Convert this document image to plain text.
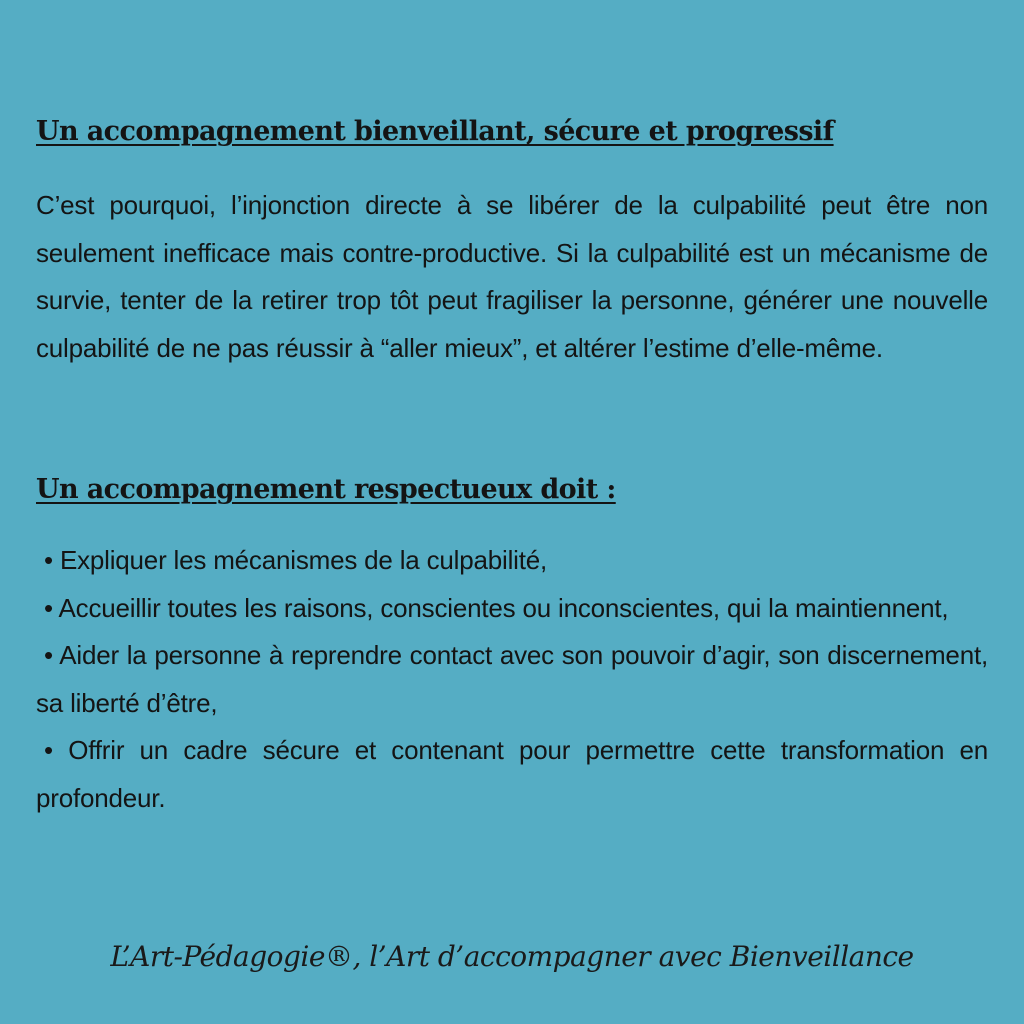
Un accompagnement bienveillant, sécure et progressif

C’est pourquoi, l’injonction directe à se libérer de la culpabilité peut être non seulement inefficace mais contre-productive. Si la culpabilité est un mécanisme de survie, tenter de la retirer trop tôt peut fragiliser la personne, générer une nouvelle culpabilité de ne pas réussir à “aller mieux”, et altérer l’estime d’elle-même.

Un accompagnement respectueux doit :
• Expliquer les mécanismes de la culpabilité,
• Accueillir toutes les raisons, conscientes ou inconscientes, qui la maintiennent,
• Aider la personne à reprendre contact avec son pouvoir d’agir, son discernement, sa liberté d’être,
• Offrir un cadre sécure et contenant pour permettre cette transformation en profondeur.
L’Art-Pédagogie®, l’Art d’accompagner avec Bienveillance
